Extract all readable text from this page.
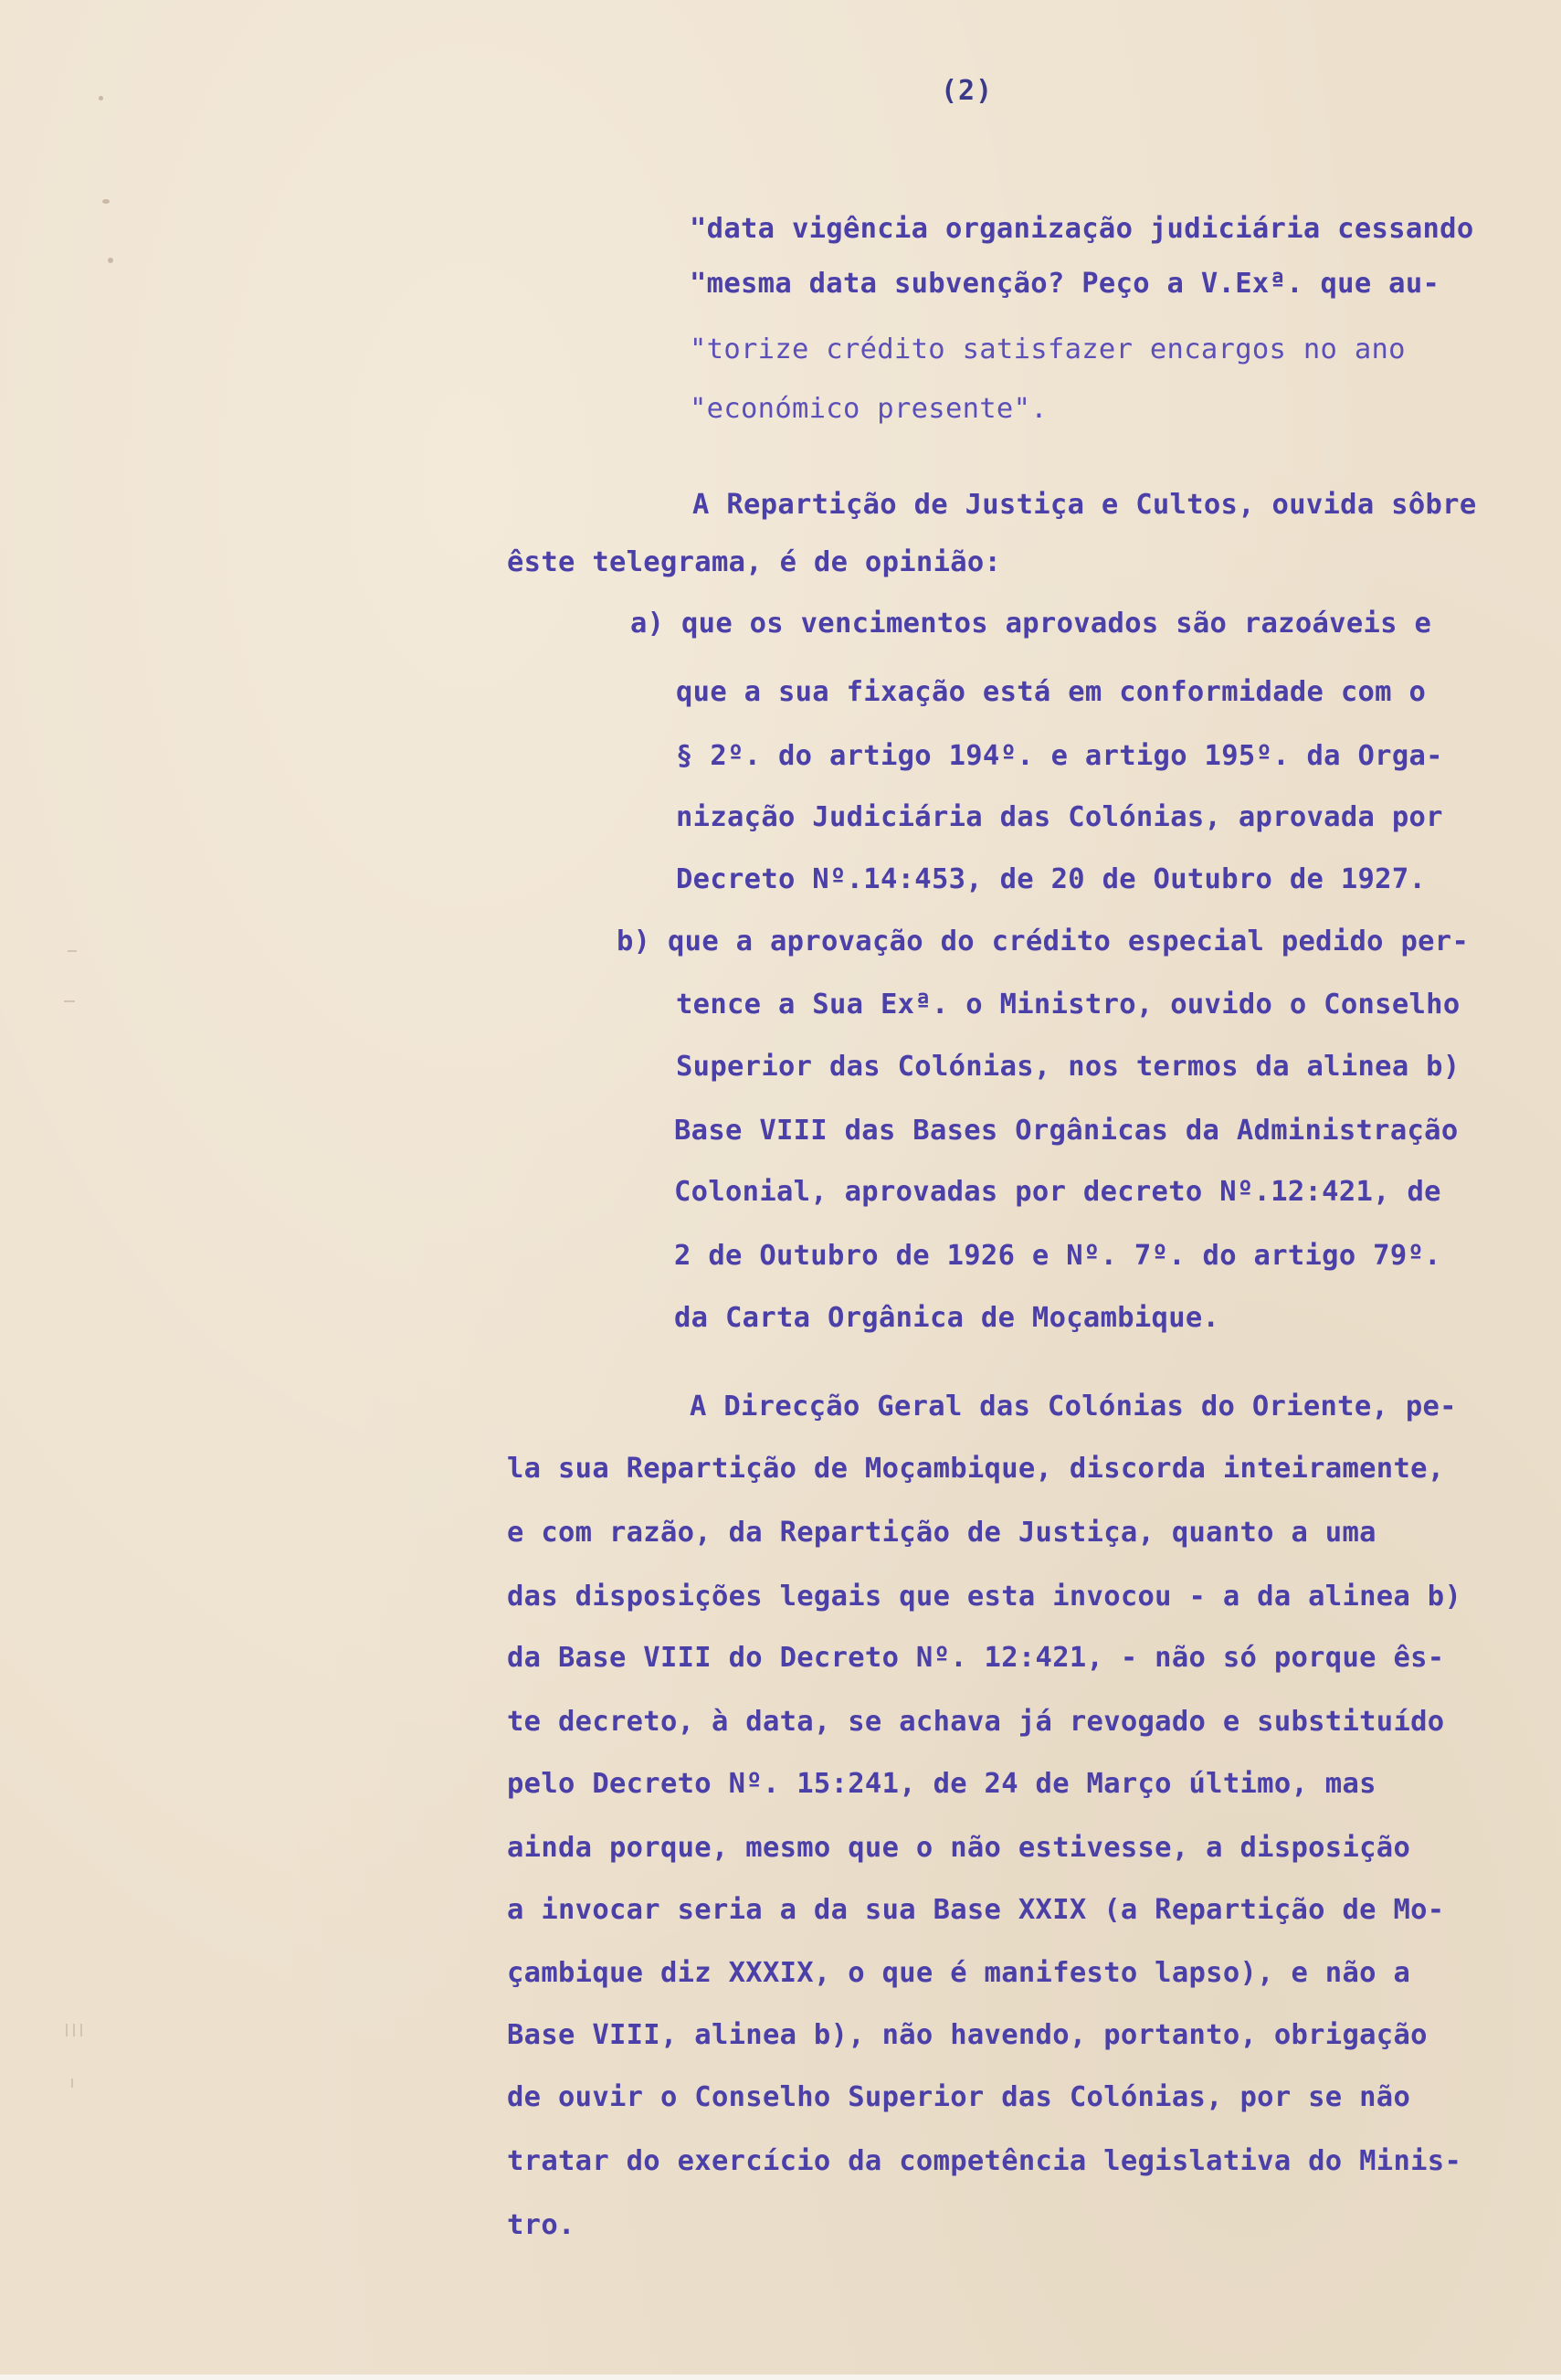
(2)
"data vigência organização judiciária cessando
"mesma data subvenção? Peço a V.Exª. que au-
"torize crédito satisfazer encargos no ano
"económico presente".
A Repartição de Justiça e Cultos, ouvida sôbre
êste telegrama, é de opinião:
a) que os vencimentos aprovados são razoáveis e
que a sua fixação está em conformidade com o
§ 2º. do artigo 194º. e artigo 195º. da Orga-
nização Judiciária das Colónias, aprovada por
Decreto Nº.14:453, de 20 de Outubro de 1927.
b) que a aprovação do crédito especial pedido per-
tence a Sua Exª. o Ministro, ouvido o Conselho
Superior das Colónias, nos termos da alinea b)
Base VIII das Bases Orgânicas da Administração
Colonial, aprovadas por decreto Nº.12:421, de
2 de Outubro de 1926 e Nº. 7º. do artigo 79º.
da Carta Orgânica de Moçambique.
A Direcção Geral das Colónias do Oriente, pe-
la sua Repartição de Moçambique, discorda inteiramente,
e com razão, da Repartição de Justiça, quanto a uma
das disposições legais que esta invocou - a da alinea b)
da Base VIII do Decreto Nº. 12:421, - não só porque ês-
te decreto, à data, se achava já revogado e substituído
pelo Decreto Nº. 15:241, de 24 de Março último, mas
ainda porque, mesmo que o não estivesse, a disposição
a invocar seria a da sua Base XXIX (a Repartição de Mo-
çambique diz XXXIX, o que é manifesto lapso), e não a
Base VIII, alinea b), não havendo, portanto, obrigação
de ouvir o Conselho Superior das Colónias, por se não
tratar do exercício da competência legislativa do Minis-
tro.
